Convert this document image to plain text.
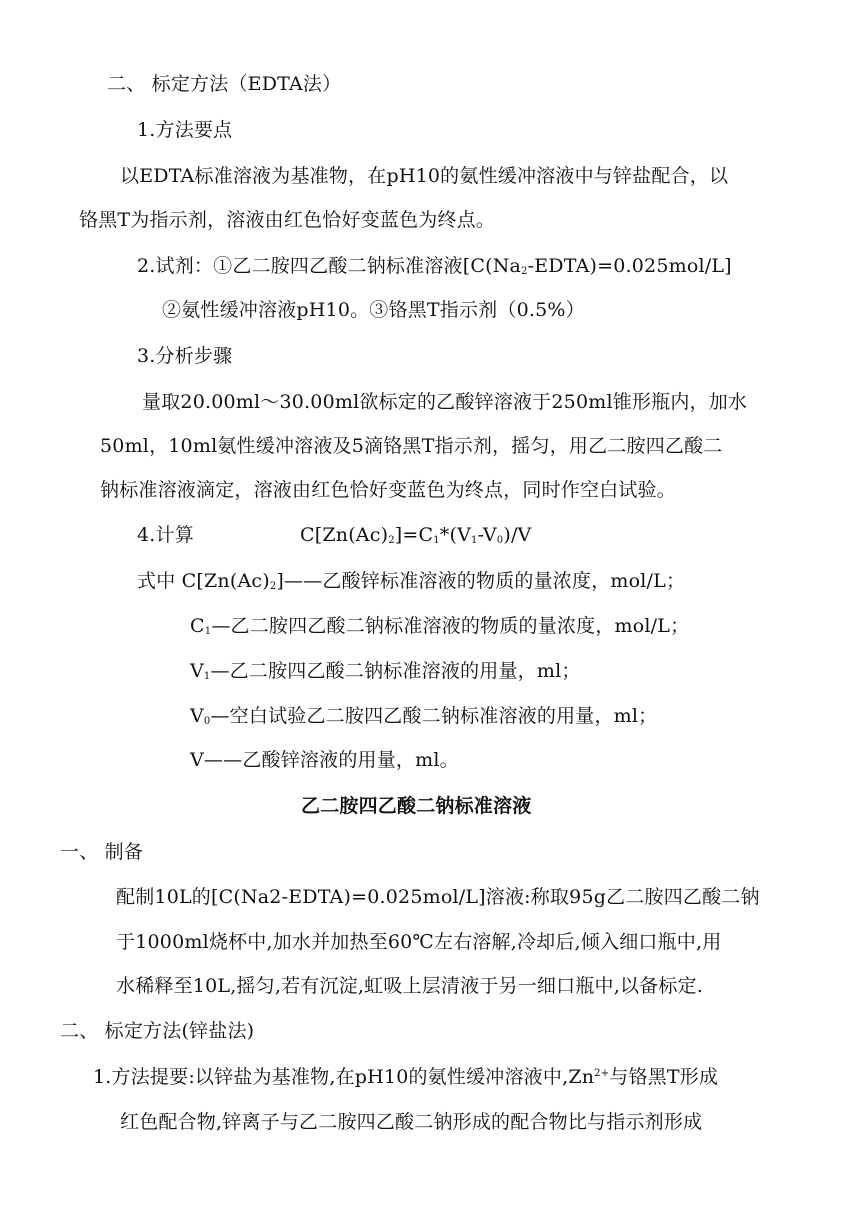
二、 标定方法（EDTA法）
1.方法要点
以EDTA标准溶液为基准物，在pH10的氨性缓冲溶液中与锌盐配合，以
铬黑T为指示剂，溶液由红色恰好变蓝色为终点。
2.试剂：①乙二胺四乙酸二钠标准溶液$[C(Na_2-EDTA)=0.025mol/L]$
②氨性缓冲溶液pH10。③铬黑T指示剂（0.5%）
3.分析步骤
量取20.00ml～30.00ml欲标定的乙酸锌溶液于250ml锥形瓶内，加水
50ml，10ml氨性缓冲溶液及5滴铬黑T指示剂，摇匀，用乙二胺四乙酸二
钠标准溶液滴定，溶液由红色恰好变蓝色为终点，同时作空白试验。
4.计算	$C[Zn(Ac)_2]=C_1*(V_1-V_0)/V$
式中 $C[Zn(Ac)_2]——$乙酸锌标准溶液的物质的量浓度，mol/L；
$C_1—$乙二胺四乙酸二钠标准溶液的物质的量浓度，mol/L；
$V_1—$乙二胺四乙酸二钠标准溶液的用量，ml；
$V_0—$空白试验乙二胺四乙酸二钠标准溶液的用量，ml；
V——乙酸锌溶液的用量，ml。
乙二胺四乙酸二钠标准溶液
一、 制备
配制10L的[C(Na2-EDTA)=0.025mol/L]溶液:称取95g乙二胺四乙酸二钠
于1000ml烧杯中,加水并加热至60℃左右溶解,冷却后,倾入细口瓶中,用
水稀释至10L,摇匀,若有沉淀,虹吸上层清液于另一细口瓶中,以备标定.
二、 标定方法(锌盐法)
1.方法提要:以锌盐为基准物,在pH10的氨性缓冲溶液中$,Zn^{2+}$与铬黑T形成
红色配合物,锌离子与乙二胺四乙酸二钠形成的配合物比与指示剂形成
